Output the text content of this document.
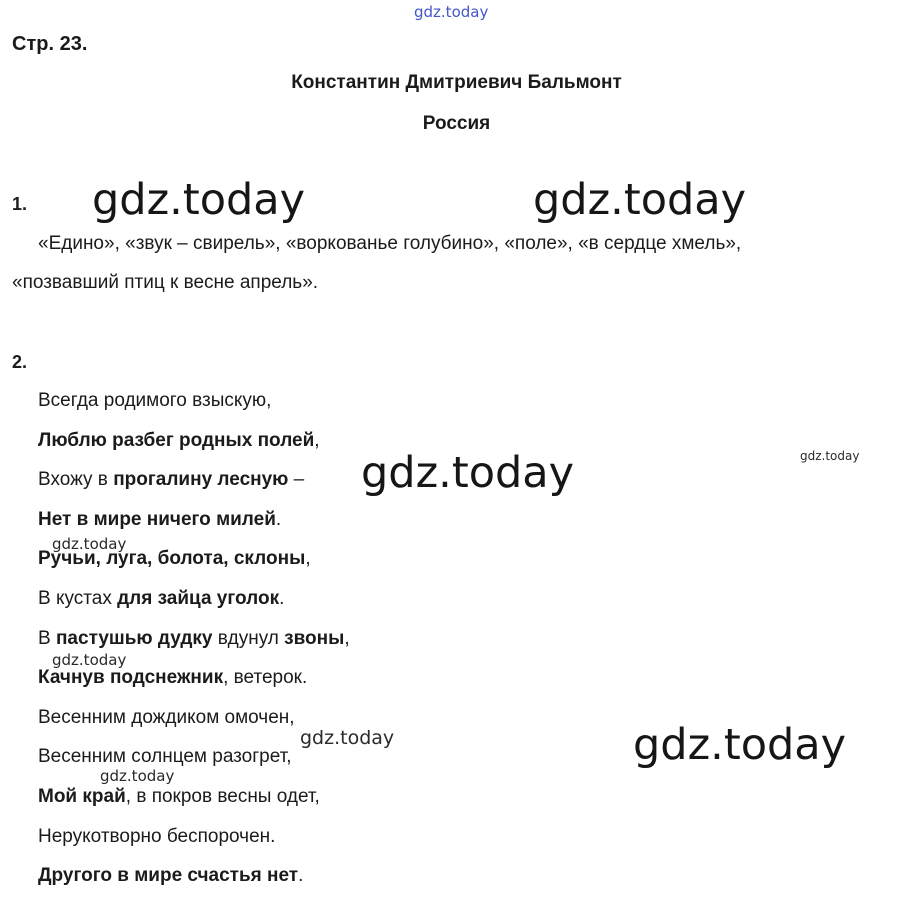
gdz.today
Стр. 23.
Константин Дмитриевич Бальмонт
Россия
1. gdz.today	gdz.today
«Едино», «звук – свирель», «воркованье голубино», «поле», «в сердце хмель»,
«позвавший птиц к весне апрель».
2.
Всегда родимого взыскую,
Люблю разбег родных полей,
Вхожу в прогалину лесную –
Нет в мире ничего милей.
Ручьи, луга, болота, склоны,
В кустах для зайца уголок.
В пастушью дудку вдунул звоны,
Качнув подснежник, ветерок.
Весенним дождиком омочен,
Весенним солнцем разогрет,
Мой край, в покров весны одет,
Нерукотворно беспорочен.
Другого в мире счастья нет.
gdz.today
gdz.today
gdz.today
gdz.today
gdz.today
gdz.today
gdz.today
